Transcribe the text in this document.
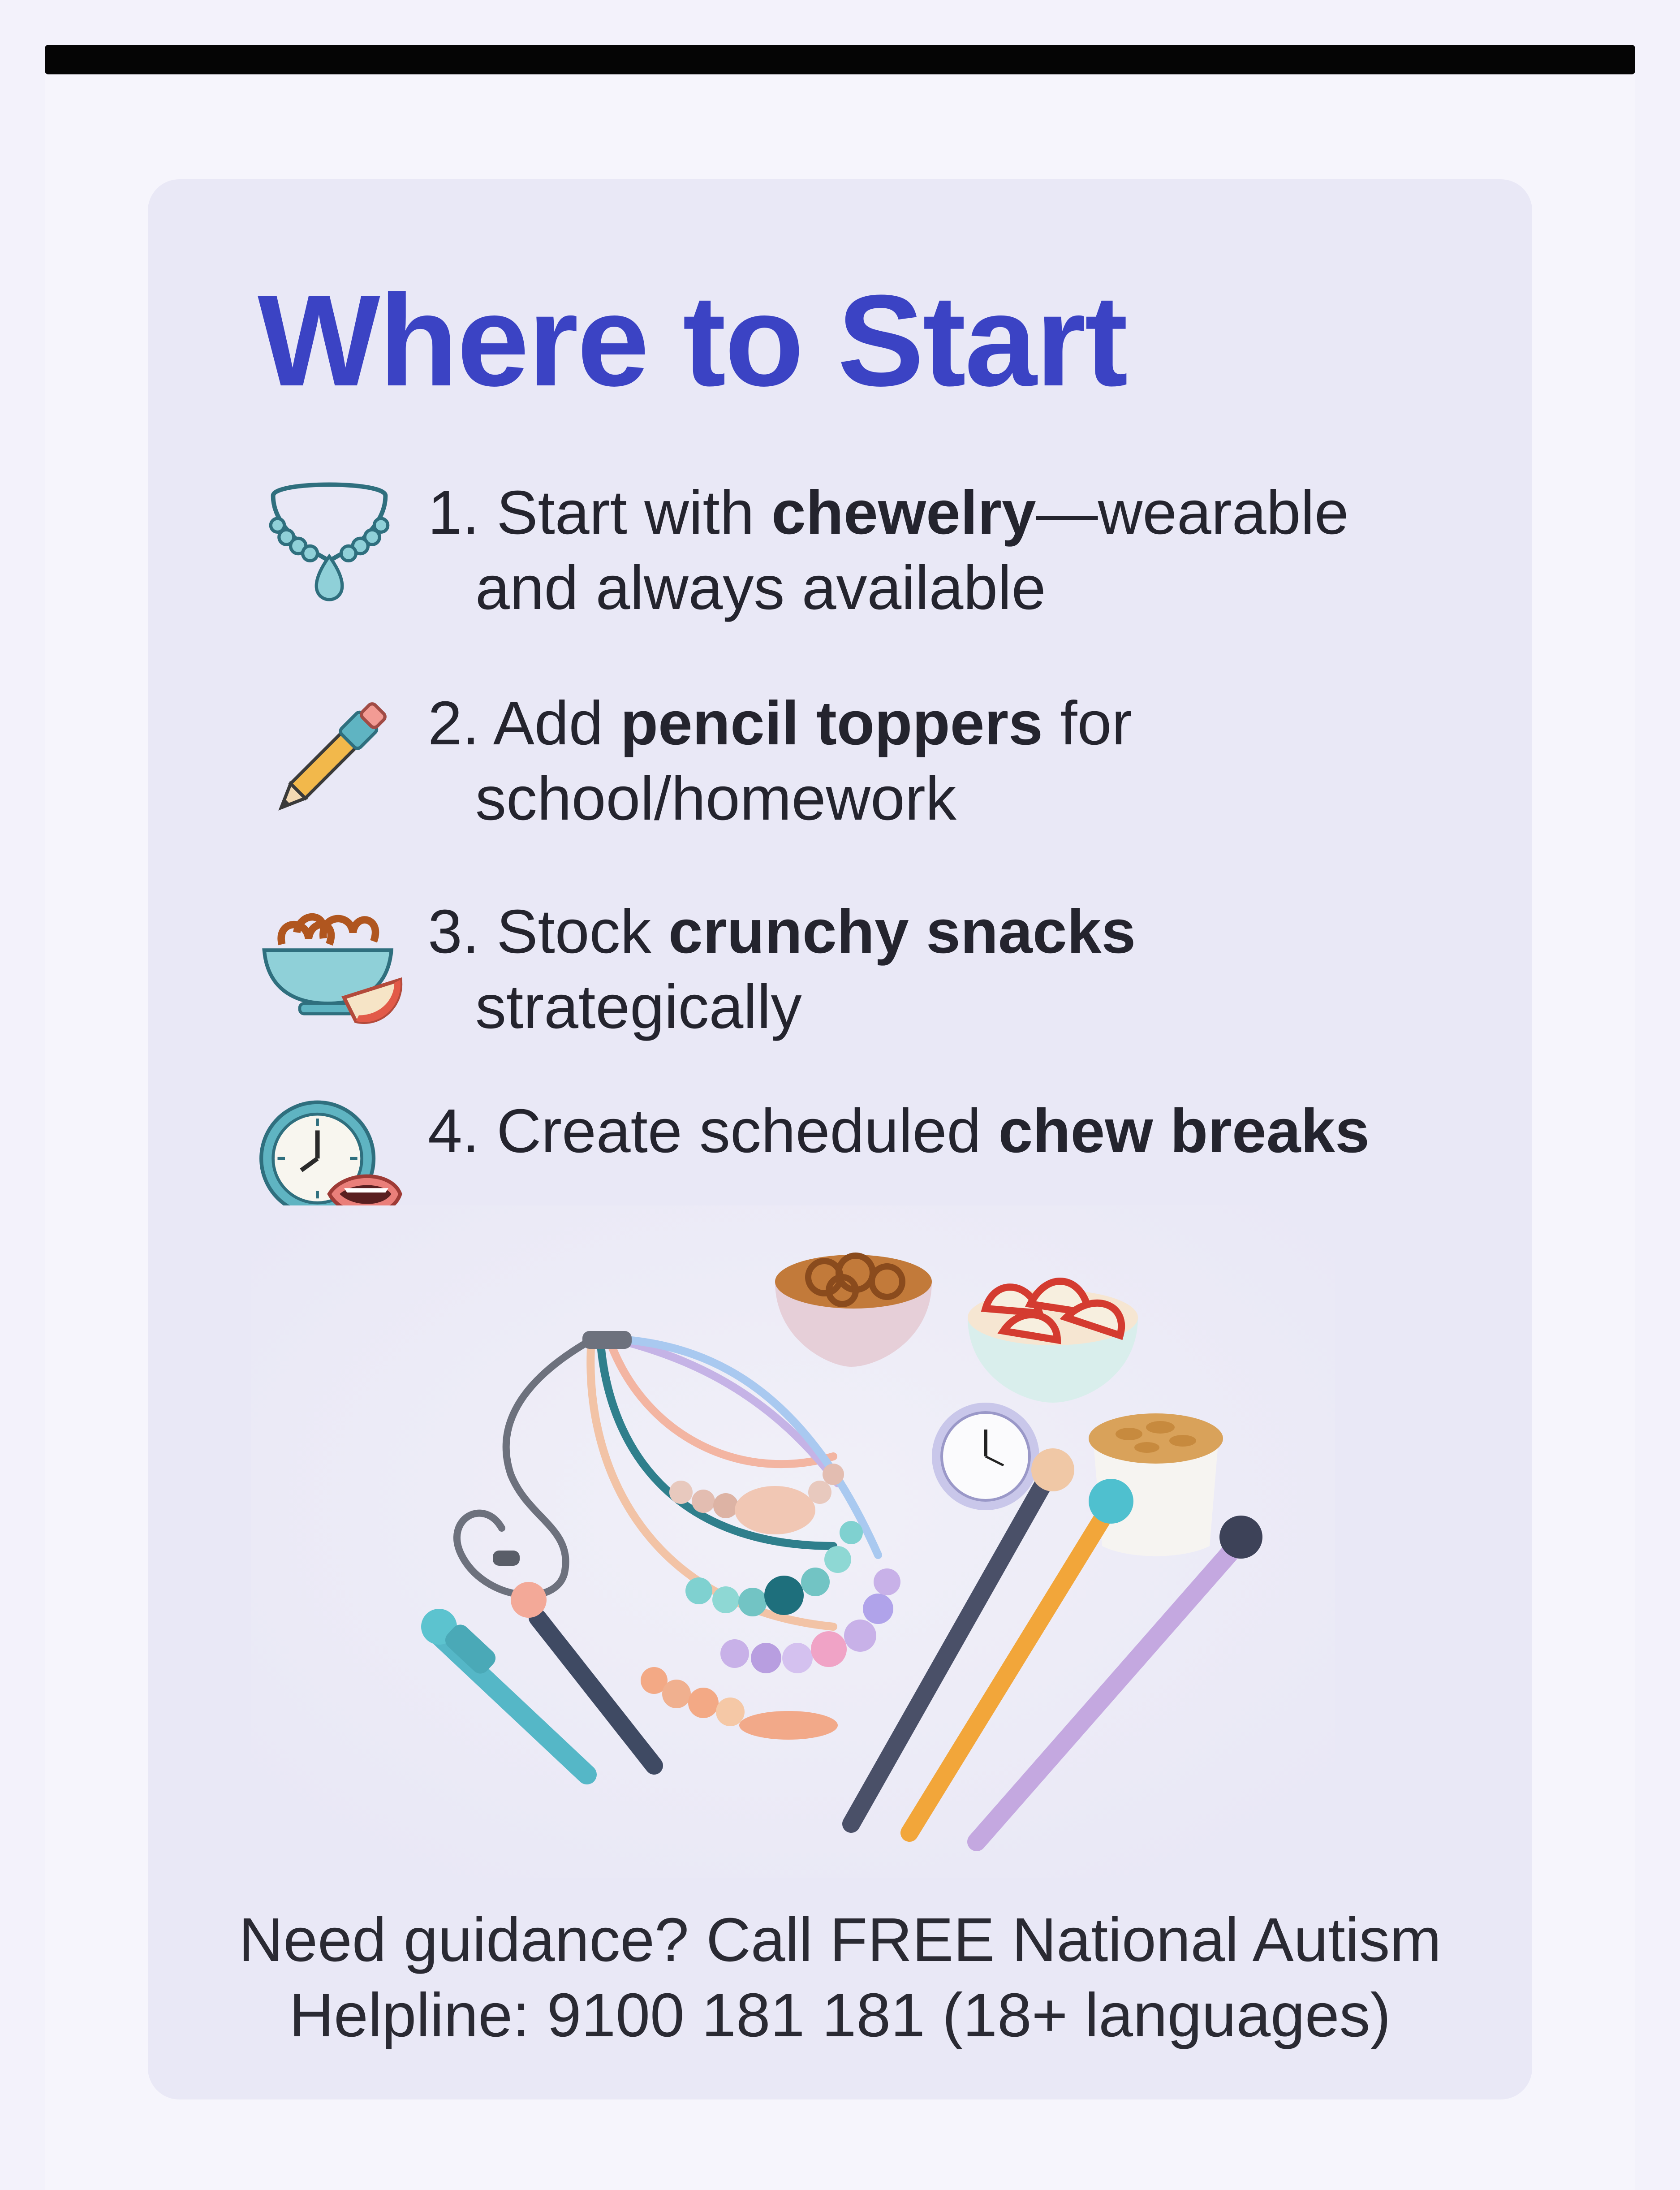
Where to Start
1. Start with chewelry—wearable
and always available
2. Add pencil toppers for
school/homework
3. Stock crunchy snacks
strategically
4. Create scheduled chew breaks
Need guidance? Call FREE National Autism
Helpline: 9100 181 181 (18+ languages)
